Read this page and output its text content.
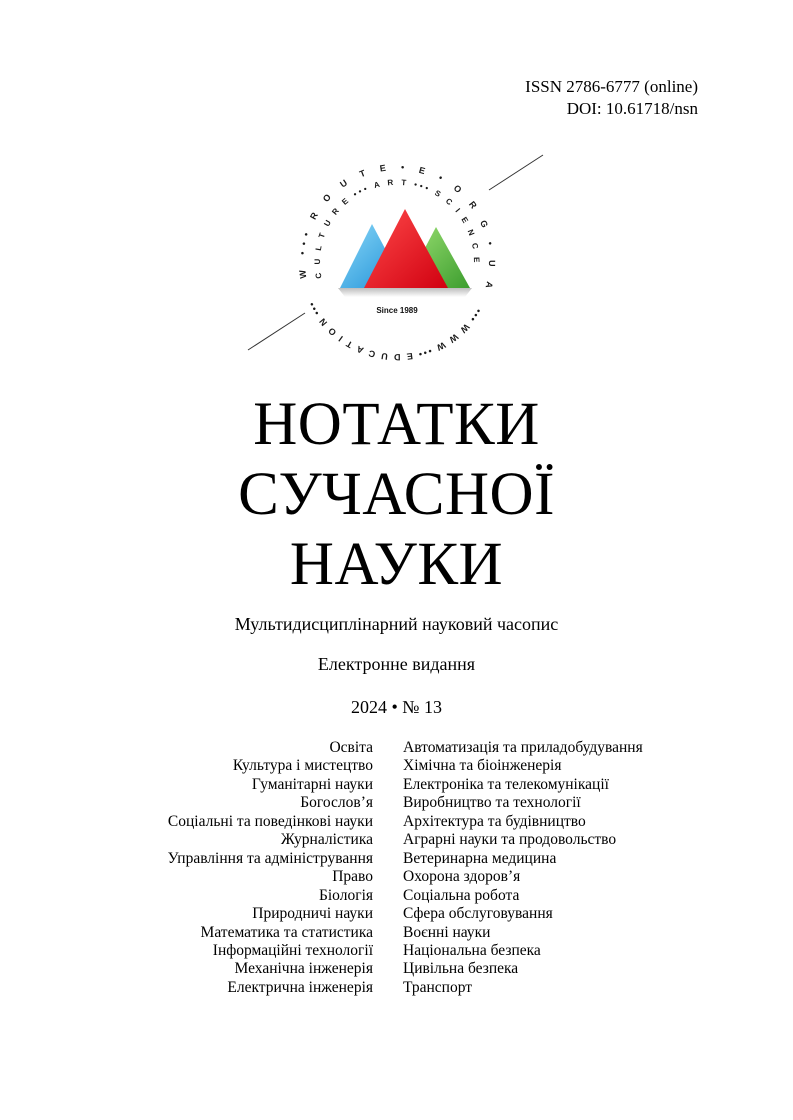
ISSN 2786-6777 (online)
DOI: 10.61718/nsn
W ••• R O U T E • E • O R G • U A
C U L T U R E ••• A R T ••• S C I E N C E
••• W W W ••• E D U C A T I O N •••
Since 1989
НОТАТКИ
СУЧАСНОЇ
НАУКИ
Мультидисциплінарний науковий часопис
Електронне видання
2024 • № 13
Освіта
Культура і мистецтво
Гуманітарні науки
Богослов’я
Соціальні та поведінкові науки
Журналістика
Управління та адміністрування
Право
Біологія
Природничі науки
Математика та статистика
Інформаційні технології
Механічна інженерія
Електрична інженерія
Автоматизація та приладобудування
Хімічна та біоінженерія
Електроніка та телекомунікації
Виробництво та технології
Архітектура та будівництво
Аграрні науки та продовольство
Ветеринарна медицина
Охорона здоров’я
Соціальна робота
Сфера обслуговування
Воєнні науки
Національна безпека
Цивільна безпека
Транспорт
